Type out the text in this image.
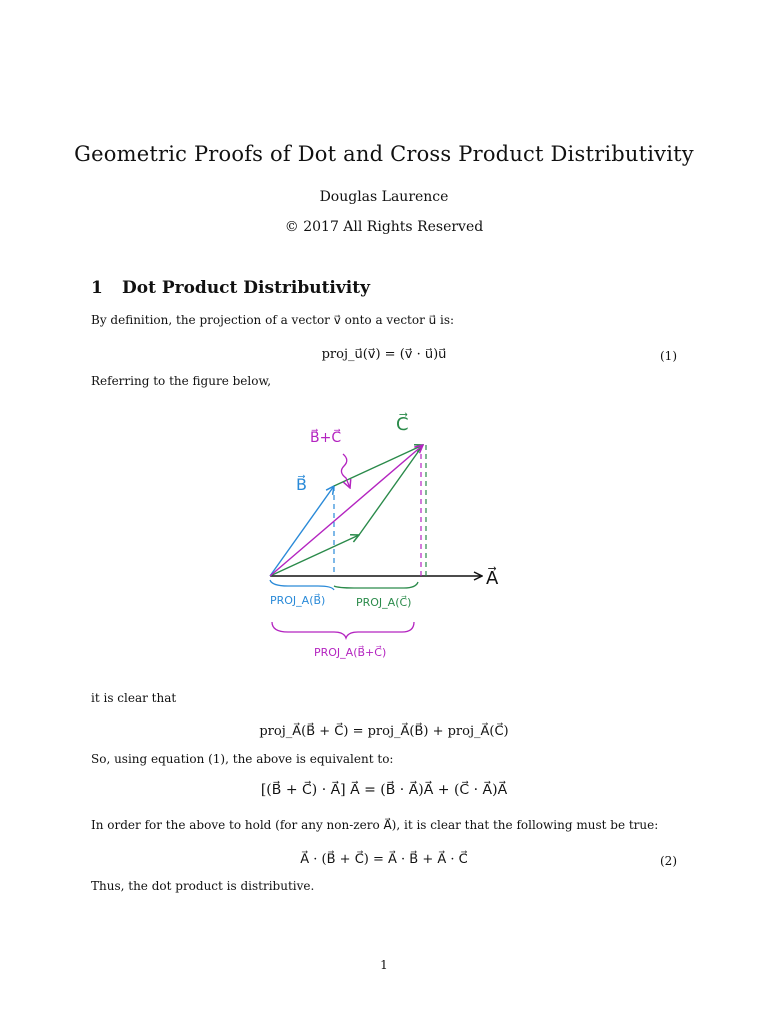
Geometric Proofs of Dot and Cross Product Distributivity
Douglas Laurence
© 2017 All Rights Reserved
1 Dot Product Distributivity
By definition, the projection of a vector v⃗ onto a vector u⃗ is:
proj_u⃗(v⃗) = (v⃗ · u⃗)u⃗	(1)
Referring to the figure below,
A⃗
B⃗
C⃗
B⃗+C⃗
PROJ_A(B⃗)	PROJ_A(C⃗)
PROJ_A(B⃗+C⃗)
it is clear that
proj_A⃗(B⃗ + C⃗) = proj_A⃗(B⃗) + proj_A⃗(C⃗)
So, using equation (1), the above is equivalent to:
[(B⃗ + C⃗) · A⃗] A⃗ = (B⃗ · A⃗)A⃗ + (C⃗ · A⃗)A⃗
In order for the above to hold (for any non-zero A⃗), it is clear that the following must be true:
A⃗ · (B⃗ + C⃗) = A⃗ · B⃗ + A⃗ · C⃗	(2)
Thus, the dot product is distributive.
1
